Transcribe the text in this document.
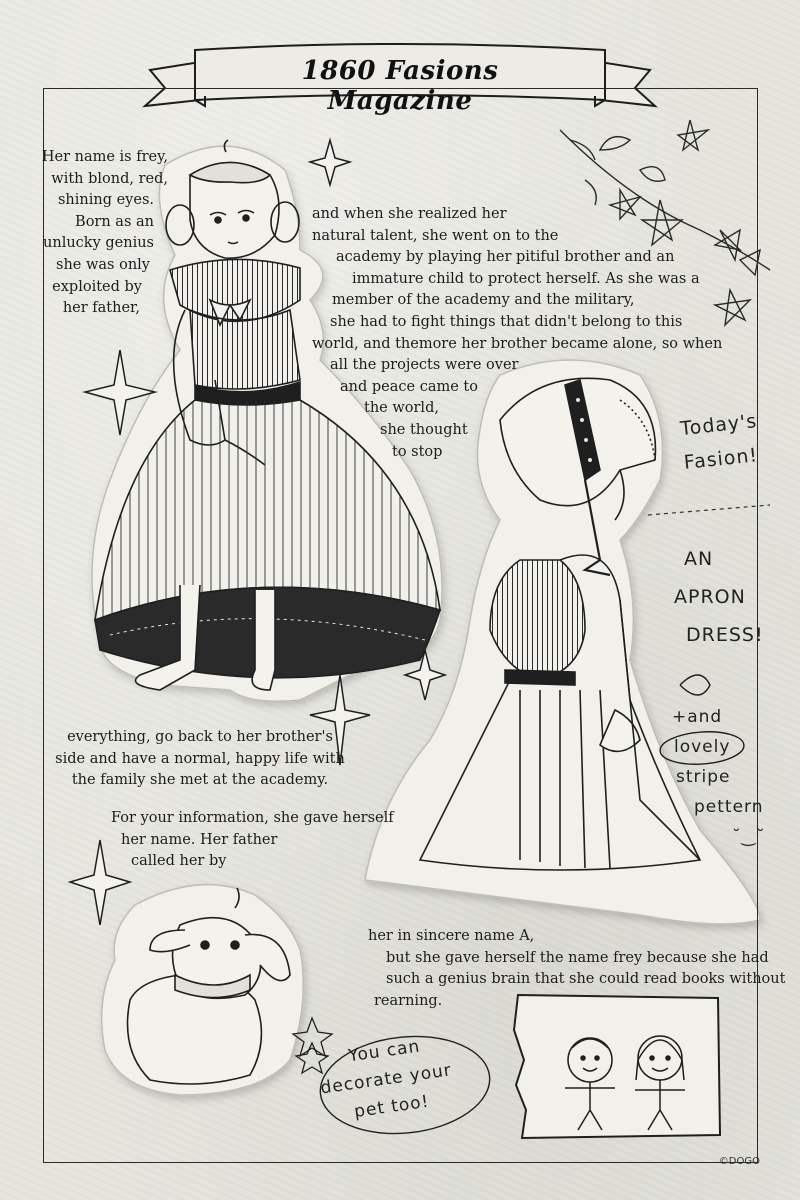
1860 Fasions Magazine
Her name is frey,
with blond, red,
shining eyes.
Born as an
unlucky genius
she was only
exploited by
her father,
and when she realized her
natural talent, she went on to the
academy by playing her pitiful brother and an
immature child to protect herself. As she was a
member of the academy and the military,
she had to fight things that didn't belong to this
world, and themore her brother became alone, so when
all the projects were over
and peace came to
the world,
she thought
to stop
everything, go back to her brother's
side and have a normal, happy life with
the family she met at the academy.
For your information, she gave herself
her name. Her father
called her by
her in sincere name A,
but she gave herself the name frey because she had
such a genius brain that she could read books without
rearning.
Today's
Fasion!
AN
APRON
DRESS!
+and
lovely
stripe
pettern
˘‿˘
You can
decorate your
pet too!
©DOGO
